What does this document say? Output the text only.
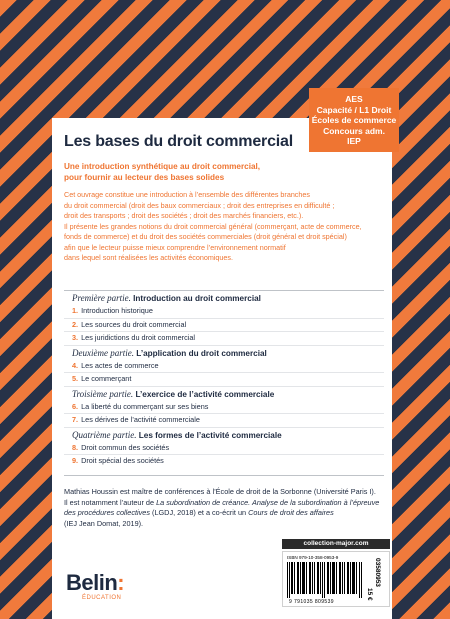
AES
Capacité / L1 Droit
Écoles de commerce
Concours adm.
IEP
Les bases du droit commercial
Une introduction synthétique au droit commercial,
pour fournir au lecteur des bases solides

Cet ouvrage constitue une introduction à l’ensemble des différentes branches

du droit commercial (droit des baux commerciaux ; droit des entreprises en difficulté ;

droit des transports ; droit des sociétés ; droit des marchés financiers, etc.).

Il présente les grandes notions du droit commercial général (commerçant, acte de commerce,

fonds de commerce) et du droit des sociétés commerciales (droit général et droit spécial)

afin que le lecteur puisse mieux comprendre l’environnement normatif

dans lequel sont réalisées les activités économiques.

Première partie. Introduction au droit commercial
1. Introduction historique
2. Les sources du droit commercial
3. Les juridictions du droit commercial
Deuxième partie. L’application du droit commercial
4. Les actes de commerce
5. Le commerçant
Troisième partie. L’exercice de l’activité commerciale
6. La liberté du commerçant sur ses biens
7. Les dérives de l’activité commerciale
Quatrième partie. Les formes de l’activité commerciale
8. Droit commun des sociétés
9. Droit spécial des sociétés
Mathias Houssin est maître de conférences à l’École de droit de la Sorbonne (Université Paris I).
Il est notamment l’auteur de La subordination de créance. Analyse de la subordination à l’épreuve
des procédures collectives (LGDJ, 2018) et a co-écrit un Cours de droit des affaires
(IEJ Jean Domat, 2019).
collection-major.com
ISBN 979-10-358-0953-9
9 791035 809539
03580953
15 €
Belin:
ÉDUCATION
